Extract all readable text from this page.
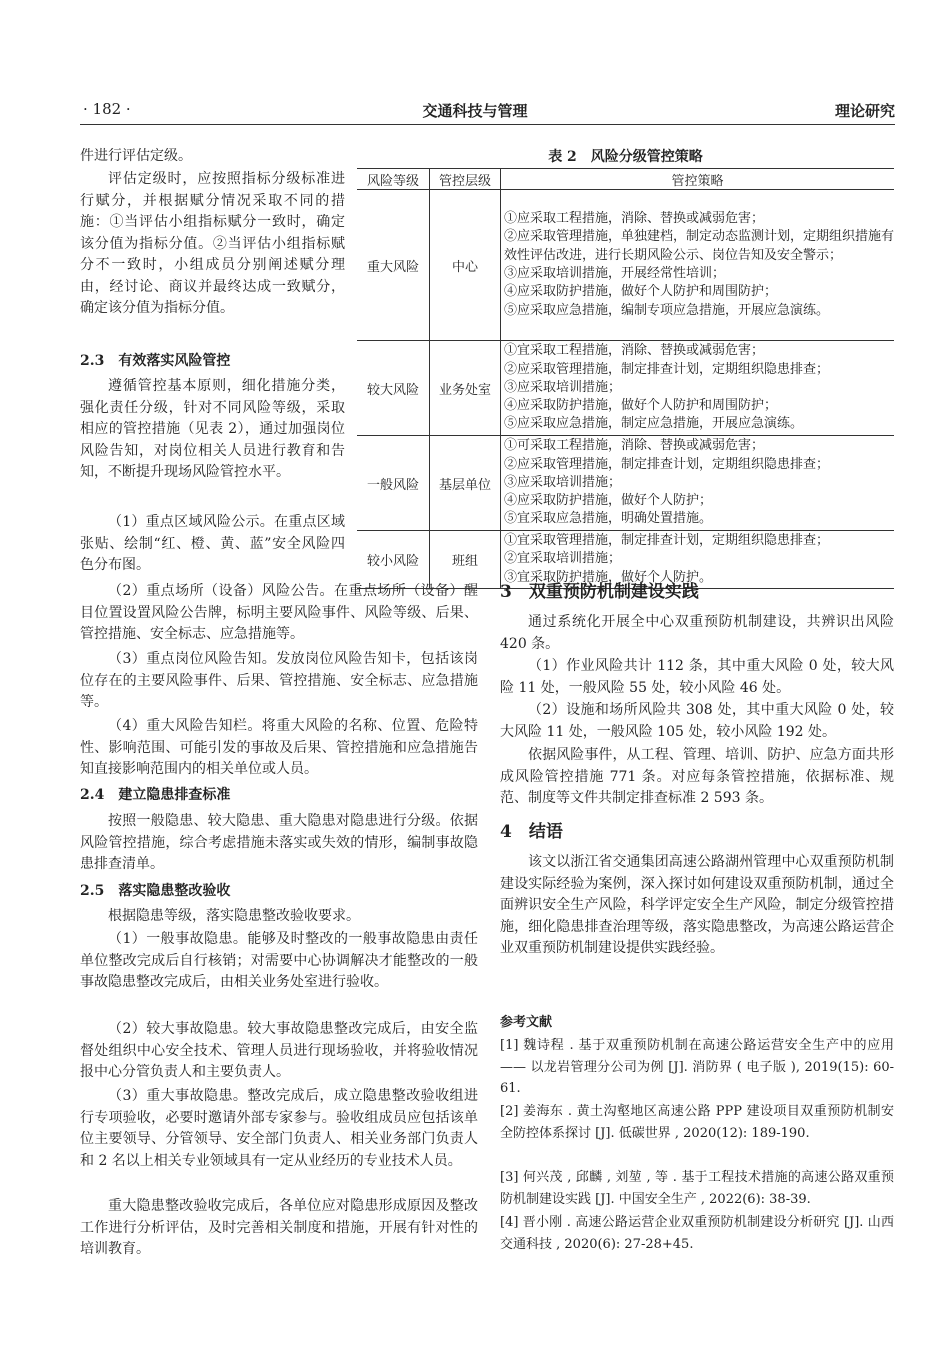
· 182 ·	交通科技与管理	理论研究

件进行评估定级。

评估定级时，应按照指标分级标准进行赋分，并根据赋分情况采取不同的措施：①当评估小组指标赋分一致时，确定该分值为指标分值。②当评估小组指标赋分不一致时，小组成员分别阐述赋分理由，经讨论、商议并最终达成一致赋分，确定该分值为指标分值。

2.3　有效落实风险管控

遵循管控基本原则，细化措施分类，强化责任分级，针对不同风险等级，采取相应的管控措施（见表 2），通过加强岗位风险告知，对岗位相关人员进行教育和告知，不断提升现场风险管控水平。

（1）重点区域风险公示。在重点区域张贴、绘制“红、橙、黄、蓝”安全风险四色分布图。

（2）重点场所（设备）风险公告。在重点场所（设备）醒目位置设置风险公告牌，标明主要风险事件、风险等级、后果、管控措施、安全标志、应急措施等。

（3）重点岗位风险告知。发放岗位风险告知卡，包括该岗位存在的主要风险事件、后果、管控措施、安全标志、应急措施等。

（4）重大风险告知栏。将重大风险的名称、位置、危险特性、影响范围、可能引发的事故及后果、管控措施和应急措施告知直接影响范围内的相关单位或人员。

2.4　建立隐患排查标准

按照一般隐患、较大隐患、重大隐患对隐患进行分级。依据风险管控措施，综合考虑措施未落实或失效的情形，编制事故隐患排查清单。

2.5　落实隐患整改验收

根据隐患等级，落实隐患整改验收要求。

（1）一般事故隐患。能够及时整改的一般事故隐患由责任单位整改完成后自行核销；对需要中心协调解决才能整改的一般事故隐患整改完成后，由相关业务处室进行验收。

（2）较大事故隐患。较大事故隐患整改完成后，由安全监督处组织中心安全技术、管理人员进行现场验收，并将验收情况报中心分管负责人和主要负责人。

（3）重大事故隐患。整改完成后，成立隐患整改验收组进行专项验收，必要时邀请外部专家参与。验收组成员应包括该单位主要领导、分管领导、安全部门负责人、相关业务部门负责人和 2 名以上相关专业领域具有一定从业经历的专业技术人员。

重大隐患整改验收完成后，各单位应对隐患形成原因及整改工作进行分析评估，及时完善相关制度和措施，开展有针对性的培训教育。

表 2　风险分级管控策略
风险等级	管控层级	管控策略
重大风险	中心	①应采取工程措施，消除、替换或减弱危害；
②应采取管理措施，单独建档，制定动态监测计划，定期组织措施有效性评估改进，进行长期风险公示、岗位告知及安全警示；
③应采取培训措施，开展经常性培训；
④应采取防护措施，做好个人防护和周围防护；
⑤应采取应急措施，编制专项应急措施，开展应急演练。

较大风险	业务处室	①宜采取工程措施，消除、替换或减弱危害；
②应采取管理措施，制定排查计划，定期组织隐患排查；
③应采取培训措施；
④应采取防护措施，做好个人防护和周围防护；
⑤应采取应急措施，制定应急措施，开展应急演练。

一般风险	基层单位	①可采取工程措施，消除、替换或减弱危害；
②应采取管理措施，制定排查计划，定期组织隐患排查；
③应采取培训措施；
④应采取防护措施，做好个人防护；
⑤宜采取应急措施，明确处置措施。

较小风险	班组	①宜采取管理措施，制定排查计划，定期组织隐患排查；
②宜采取培训措施；
③宜采取防护措施，做好个人防护。

3　双重预防机制建设实践

通过系统化开展全中心双重预防机制建设，共辨识出风险 420 条。

（1）作业风险共计 112 条，其中重大风险 0 处，较大风险 11 处，一般风险 55 处，较小风险 46 处。

（2）设施和场所风险共 308 处，其中重大风险 0 处，较大风险 11 处，一般风险 105 处，较小风险 192 处。

依据风险事件，从工程、管理、培训、防护、应急方面共形成风险管控措施 771 条。对应每条管控措施，依据标准、规范、制度等文件共制定排查标准 2 593 条。

4　结语

该文以浙江省交通集团高速公路湖州管理中心双重预防机制建设实际经验为案例，深入探讨如何建设双重预防机制，通过全面辨识安全生产风险，科学评定安全生产风险，制定分级管控措施，细化隐患排查治理等级，落实隐患整改，为高速公路运营企业双重预防机制建设提供实践经验。

参考文献

[1] 魏诗程 . 基于双重预防机制在高速公路运营安全生产中的应用 —— 以龙岩管理分公司为例 [J]. 消防界 ( 电子版 ), 2019(15): 60-61.

[2] 姜海东 . 黄土沟壑地区高速公路 PPP 建设项目双重预防机制安全防控体系探讨 [J]. 低碳世界 , 2020(12): 189-190.

[3] 何兴茂 , 邱麟 , 刘堃 , 等 . 基于工程技术措施的高速公路双重预防机制建设实践 [J]. 中国安全生产 , 2022(6): 38-39.

[4] 晋小刚 . 高速公路运营企业双重预防机制建设分析研究 [J]. 山西交通科技 , 2020(6): 27-28+45.
